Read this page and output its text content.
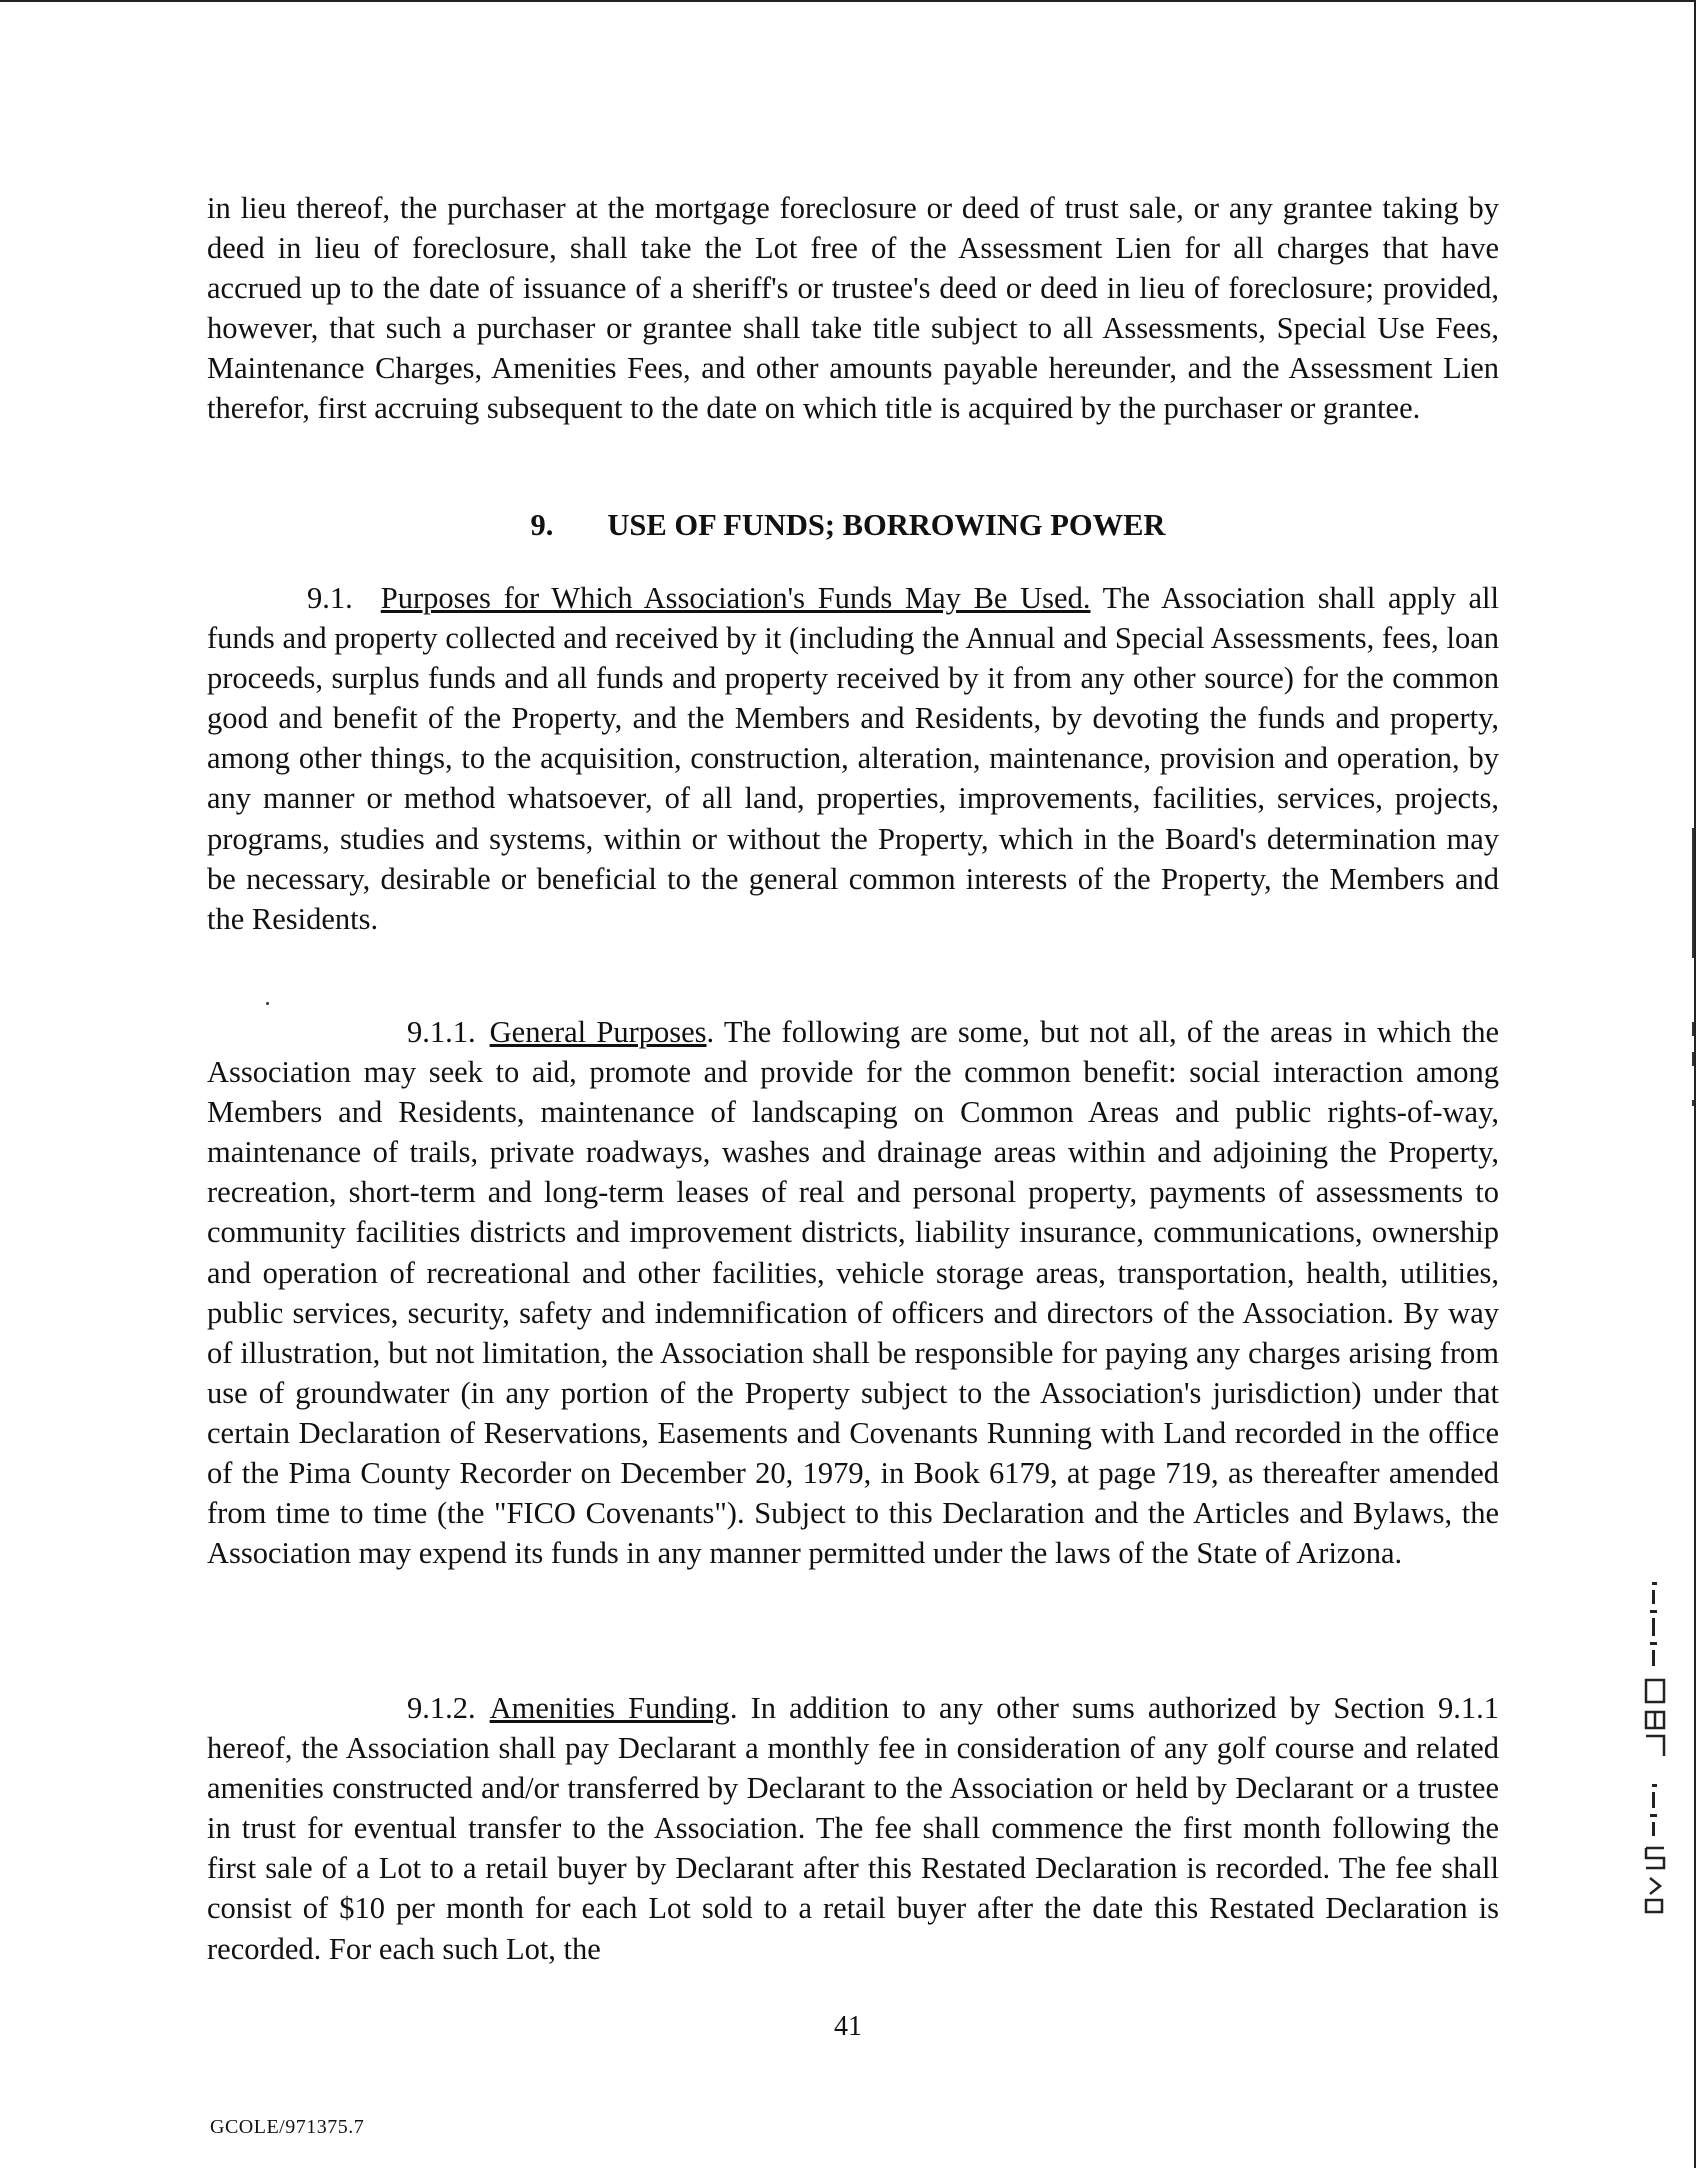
in lieu thereof, the purchaser at the mortgage foreclosure or deed of trust sale, or any grantee taking by deed in lieu of foreclosure, shall take the Lot free of the Assessment Lien for all charges that have accrued up to the date of issuance of a sheriff's or trustee's deed or deed in lieu of foreclosure; provided, however, that such a purchaser or grantee shall take title subject to all Assessments, Special Use Fees, Maintenance Charges, Amenities Fees, and other amounts payable hereunder, and the Assessment Lien therefor, first accruing subsequent to the date on which title is acquired by the purchaser or grantee.

9. USE OF FUNDS; BORROWING POWER

9.1. Purposes for Which Association's Funds May Be Used. The Association shall apply all funds and property collected and received by it (including the Annual and Special Assessments, fees, loan proceeds, surplus funds and all funds and property received by it from any other source) for the common good and benefit of the Property, and the Members and Residents, by devoting the funds and property, among other things, to the acquisition, construction, alteration, maintenance, provision and operation, by any manner or method whatsoever, of all land, properties, improvements, facilities, services, projects, programs, studies and systems, within or without the Property, which in the Board's determination may be necessary, desirable or beneficial to the general common interests of the Property, the Members and the Residents.

9.1.1. General Purposes. The following are some, but not all, of the areas in which the Association may seek to aid, promote and provide for the common benefit: social interaction among Members and Residents, maintenance of landscaping on Common Areas and public rights-of-way, maintenance of trails, private roadways, washes and drainage areas within and adjoining the Property, recreation, short-term and long-term leases of real and personal property, payments of assessments to community facilities districts and improvement districts, liability insurance, communications, ownership and operation of recreational and other facilities, vehicle storage areas, transportation, health, utilities, public services, security, safety and indemnification of officers and directors of the Association. By way of illustration, but not limitation, the Association shall be responsible for paying any charges arising from use of groundwater (in any portion of the Property subject to the Association's jurisdiction) under that certain Declaration of Reservations, Easements and Covenants Running with Land recorded in the office of the Pima County Recorder on December 20, 1979, in Book 6179, at page 719, as thereafter amended from time to time (the "FICO Covenants"). Subject to this Declaration and the Articles and Bylaws, the Association may expend its funds in any manner permitted under the laws of the State of Arizona.

9.1.2. Amenities Funding. In addition to any other sums authorized by Section 9.1.1 hereof, the Association shall pay Declarant a monthly fee in consideration of any golf course and related amenities constructed and/or transferred by Declarant to the Association or held by Declarant or a trustee in trust for eventual transfer to the Association. The fee shall commence the first month following the first sale of a Lot to a retail buyer by Declarant after this Restated Declaration is recorded. The fee shall consist of $10 per month for each Lot sold to a retail buyer after the date this Restated Declaration is recorded. For each such Lot, the

41

GCOLE/971375.7
